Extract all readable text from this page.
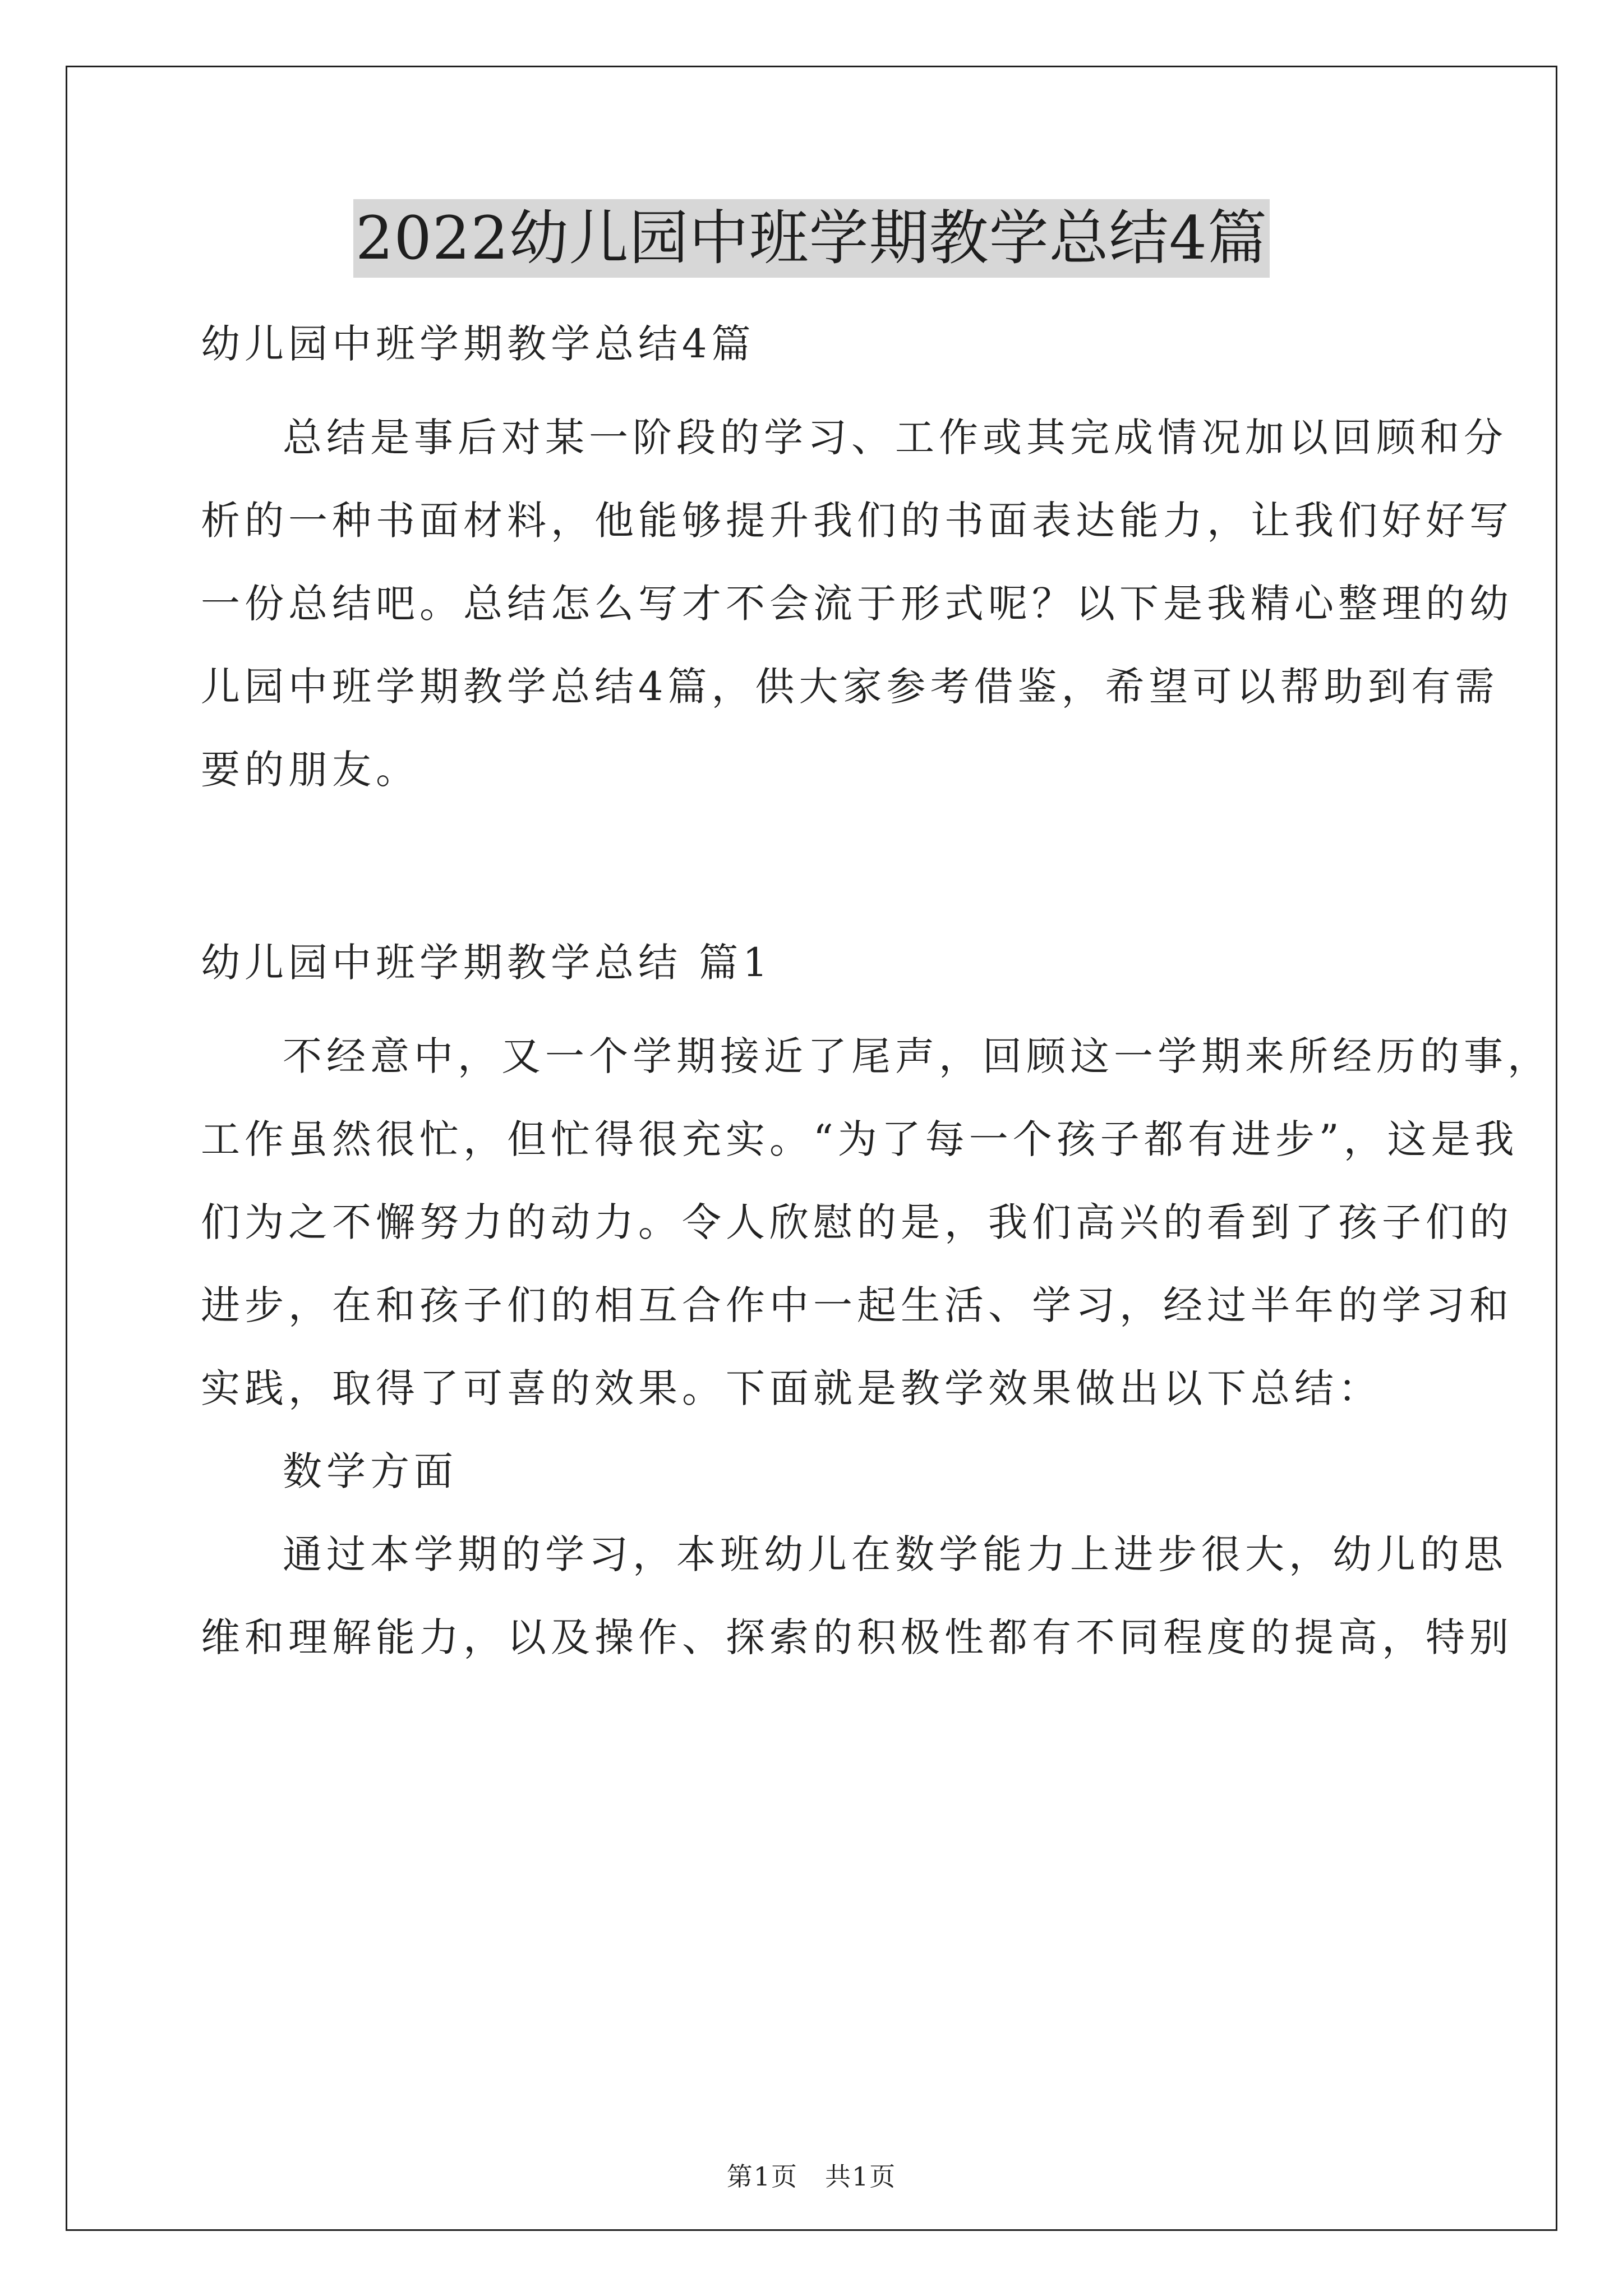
2022幼儿园中班学期教学总结4篇

幼儿园中班学期教学总结4篇

总结是事后对某一阶段的学习、工作或其完成情况加以回顾和分

析的一种书面材料，他能够提升我们的书面表达能力，让我们好好写

一份总结吧。总结怎么写才不会流于形式呢？以下是我精心整理的幼

儿园中班学期教学总结4篇，供大家参考借鉴，希望可以帮助到有需

要的朋友。

幼儿园中班学期教学总结 篇1

不经意中，又一个学期接近了尾声，回顾这一学期来所经历的事，

工作虽然很忙，但忙得很充实。“为了每一个孩子都有进步”，这是我

们为之不懈努力的动力。令人欣慰的是，我们高兴的看到了孩子们的

进步，在和孩子们的相互合作中一起生活、学习，经过半年的学习和

实践，取得了可喜的效果。下面就是教学效果做出以下总结：

数学方面

通过本学期的学习，本班幼儿在数学能力上进步很大，幼儿的思

维和理解能力，以及操作、探索的积极性都有不同程度的提高，特别

第1页　共1页
